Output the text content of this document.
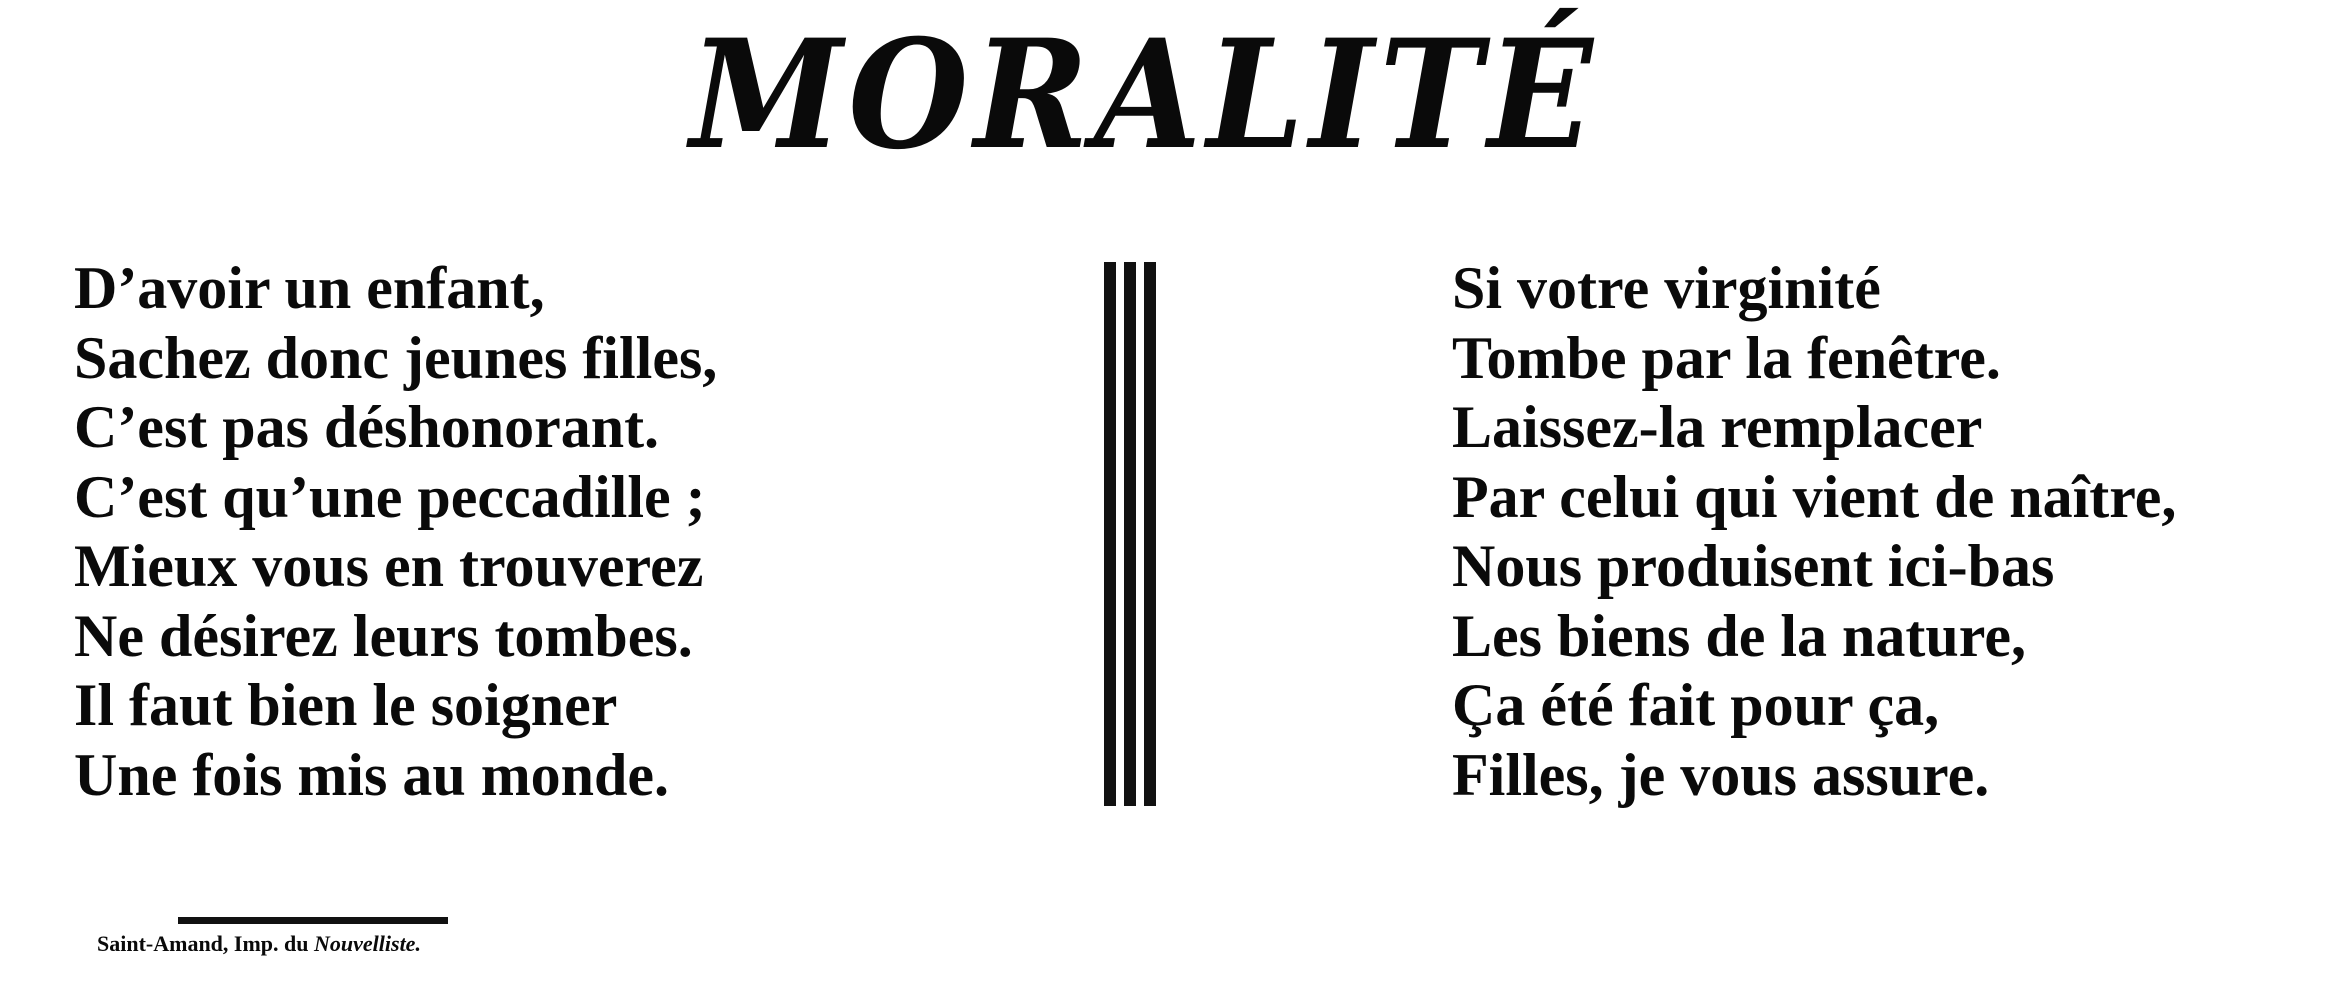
MORALITÉ
D’avoir un enfant,
Sachez donc jeunes filles,
C’est pas déshonorant.
C’est qu’une peccadille ;
Mieux vous en trouverez
Ne désirez leurs tombes.
Il faut bien le soigner
Une fois mis au monde.
Si votre virginité
Tombe par la fenêtre.
Laissez-la remplacer
Par celui qui vient de naître,
Nous produisent ici-bas
Les biens de la nature,
Ça été fait pour ça,
Filles, je vous assure.
Saint-Amand, Imp. du Nouvelliste.
